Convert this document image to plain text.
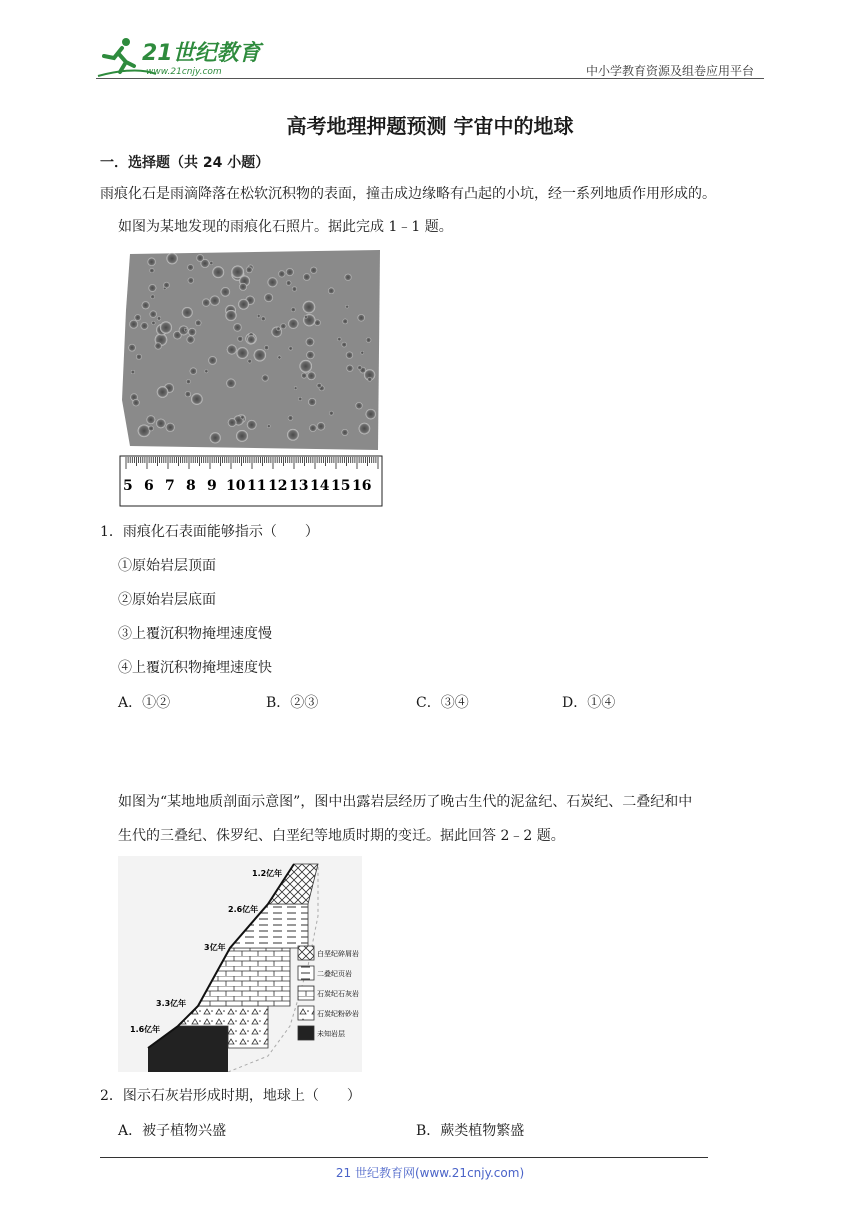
21世纪教育
www.21cnjy.com	中小学教育资源及组卷应用平台
高考地理押题预测 宇宙中的地球
一．选择题（共 24 小题）
雨痕化石是雨滴降落在松软沉积物的表面，撞击成边缘略有凸起的小坑，经一系列地质作用形成的。
如图为某地发现的雨痕化石照片。据此完成 1﹣1 题。
5 6 7 8 9 10 11 12 13 14 15 16
1．雨痕化石表面能够指示（　　）
①原始岩层顶面
②原始岩层底面
③上覆沉积物掩埋速度慢
④上覆沉积物掩埋速度快
A．①②	B．②③	C．③④	D．①④
如图为“某地地质剖面示意图”，图中出露岩层经历了晚古生代的泥盆纪、石炭纪、二叠纪和中
生代的三叠纪、侏罗纪、白垩纪等地质时期的变迁。据此回答 2﹣2 题。
1.2亿年
2.6亿年
3亿年
3.3亿年
1.6亿年
白垩纪碎屑岩
二叠纪页岩
石炭纪石灰岩
石炭纪粉砂岩
未知岩层
2．图示石灰岩形成时期，地球上（　　）
A．被子植物兴盛	B．蕨类植物繁盛
21 世纪教育网(www.21cnjy.com)
